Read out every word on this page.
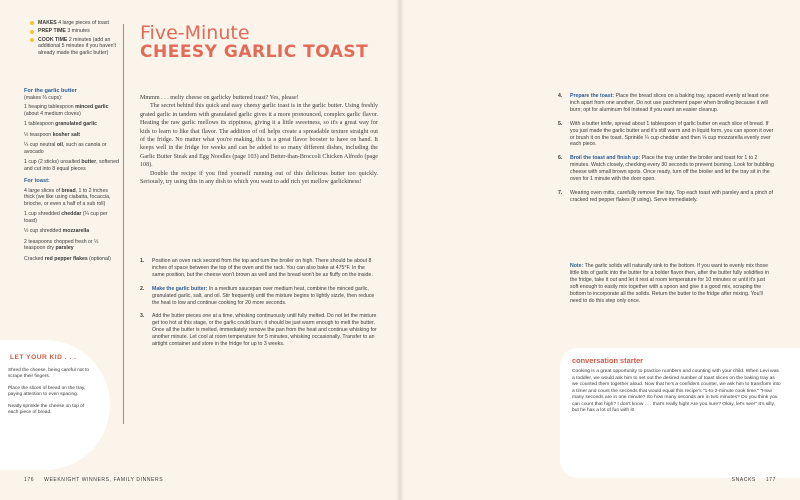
MAKES 4 large pieces of toast
PREP TIME 3 minutes
COOK TIME 2 minutes (add an additional 5 minutes if you haven't already made the garlic butter)
For the garlic butter
(makes ⅔ cups):
1 heaping tablespoon minced garlic (about 4 medium cloves)
1 tablespoon granulated garlic
½ teaspoon kosher salt
¼ cup neutral oil, such as canola or avocado
1 cup (2 sticks) unsalted butter, softened and cut into 8 equal pieces
For toast:
4 large slices of bread, 1 to 2 inches thick (we like using ciabatta, focaccia, brioche, or even a half of a sub roll)
1 cup shredded cheddar (¼ cup per toast)
½ cup shredded mozzarella
2 teaspoons chopped fresh or ½ teaspoon dry parsley
Cracked red pepper flakes (optional)
LET YOUR KID . . .
Shred the cheese, being careful not to scrape their fingers.
Place the slices of bread on the tray, paying attention to even spacing.
Neatly sprinkle the cheese on top of each piece of bread.
Five-Minute
CHEESY GARLIC TOAST

Mmmm . . . melty cheese on garlicky buttered toast? Yes, please!

The secret behind this quick and easy cheesy garlic toast is in the garlic butter. Using freshly grated garlic in tandem with granulated garlic gives it a more pronounced, complex garlic flavor. Heating the raw garlic mellows its zippiness, giving it a little sweetness, so it's a great way for kids to learn to like that flavor. The addition of oil helps create a spreadable texture straight out of the fridge. No matter what you're making, this is a great flavor booster to have on hand. It keeps well in the fridge for weeks and can be added to so many different dishes, including the Garlic Butter Steak and Egg Noodles (page 103) and Better-than-Broccoli Chicken Alfredo (page 108).

Double the recipe if you find yourself running out of this delicious butter too quickly. Seriously, try using this in any dish to which you want to add rich yet mellow garlickiness!

1. Position an oven rack second from the top and turn the broiler on high. There should be about 8 inches of space between the top of the oven and the rack. You can also bake at 475°F. In the same position, but the cheese won't brown as well and the bread won't be as fluffy on the inside.
2. Make the garlic butter: In a medium saucepan over medium heat, combine the minced garlic, granulated garlic, salt, and oil. Stir frequently until the mixture begins to lightly sizzle, then reduce the heat to low and continue cooking for 20 more seconds.
3. Add the butter pieces one at a time, whisking continuously until fully melted. Do not let the mixture get too hot at this stage, or the garlic could burn; it should be just warm enough to melt the butter. Once all the butter is melted, immediately remove the pan from the heat and continue whisking for another minute. Let cool at room temperature for 5 minutes, whisking occasionally. Transfer to an airtight container and store in the fridge for up to 3 weeks.
176 WEEKNIGHT WINNERS, FAMILY DINNERS
4. Prepare the toast: Place the bread slices on a baking tray, spaced evenly at least one inch apart from one another. Do not use parchment paper when broiling because it will burn; opt for aluminum foil instead if you want an easier cleanup.
5. With a butter knife, spread about 1 tablespoon of garlic butter on each slice of bread. If you just made the garlic butter and it's still warm and in liquid form, you can spoon it over or brush it on the toast. Sprinkle ¼ cup cheddar and then ⅛ cup mozzarella evenly over each piece.
6. Broil the toast and finish up: Place the tray under the broiler and toast for 1 to 2 minutes. Watch closely, checking every 30 seconds to prevent burning. Look for bubbling cheese with small brown spots. Once ready, turn off the broiler and let the tray sit in the oven for 1 minute with the door open.
7. Wearing oven mitts, carefully remove the tray. Top each toast with parsley and a pinch of cracked red pepper flakes (if using). Serve immediately.
Note: The garlic solids will naturally sink to the bottom. If you want to evenly mix those little bits of garlic into the butter for a bolder flavor then, after the butter fully solidifies in the fridge, take it out and let it rest at room temperature for 10 minutes or until it's just soft enough to easily mix together with a spoon and give it a good mix, scraping the bottom to incorporate all the solids. Return the butter to the fridge after mixing. You'll need to do this step only once.
conversation starter
Cooking is a great opportunity to practice numbers and counting with your child. When Levi was a toddler, we would ask him to set out the desired number of toast slices on the baking tray as we counted them together aloud. Now that he's a confident counter, we ask him to transform into a timer and count the seconds that would equal this recipe's "1-to-2-minute cook time." "How many seconds are in one minute? So how many seconds are in two minutes? Do you think you can count that high? I don't know . . . that's really high! Are you sure? Okay, let's see!" It's silly, but he has a lot of fun with it!
SNACKS 177
